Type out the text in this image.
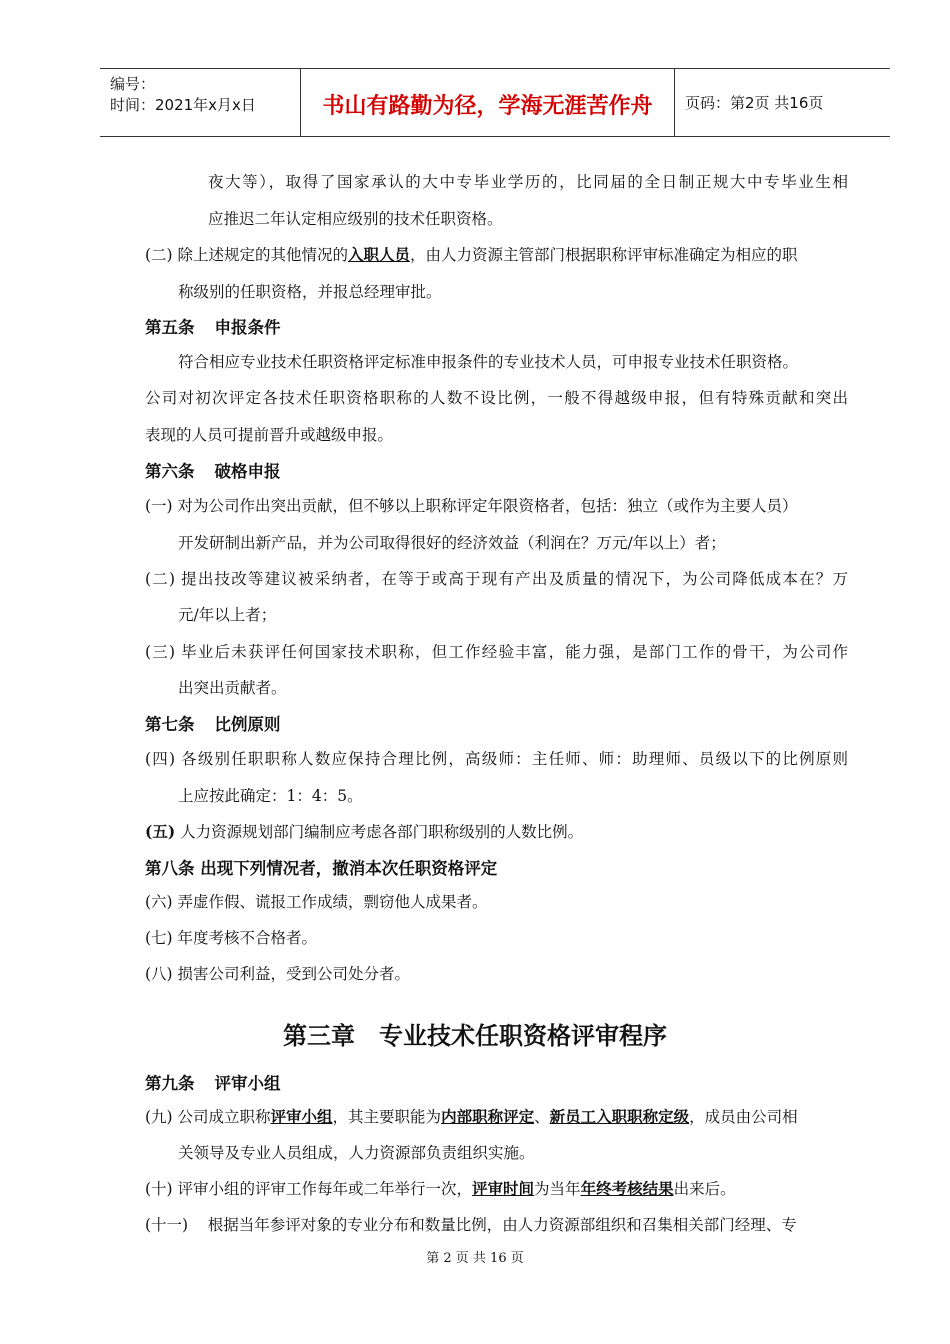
编号：
时间：2021年x月x日	书山有路勤为径，学海无涯苦作舟	页码：第2页 共16页
夜大等），取得了国家承认的大中专毕业学历的，比同届的全日制正规大中专毕业生相
应推迟二年认定相应级别的技术任职资格。
(二) 除上述规定的其他情况的入职人员，由人力资源主管部门根据职称评审标准确定为相应的职
称级别的任职资格，并报总经理审批。
第五条 申报条件
符合相应专业技术任职资格评定标准申报条件的专业技术人员，可申报专业技术任职资格。
公司对初次评定各技术任职资格职称的人数不设比例，一般不得越级申报，但有特殊贡献和突出
表现的人员可提前晋升或越级申报。
第六条 破格申报
(一) 对为公司作出突出贡献，但不够以上职称评定年限资格者，包括：独立（或作为主要人员）
开发研制出新产品，并为公司取得很好的经济效益（利润在？万元/年以上）者；
(二) 提出技改等建议被采纳者，在等于或高于现有产出及质量的情况下，为公司降低成本在？万
元/年以上者；
(三) 毕业后未获评任何国家技术职称，但工作经验丰富，能力强，是部门工作的骨干，为公司作
出突出贡献者。
第七条 比例原则
(四) 各级别任职职称人数应保持合理比例，高级师：主任师、师：助理师、员级以下的比例原则
上应按此确定：1：4：5。
(五) 人力资源规划部门编制应考虑各部门职称级别的人数比例。
第八条 出现下列情况者，撤消本次任职资格评定
(六) 弄虚作假、谎报工作成绩，剽窃他人成果者。
(七) 年度考核不合格者。
(八) 损害公司利益，受到公司处分者。
第三章　专业技术任职资格评审程序
第九条 评审小组
(九) 公司成立职称评审小组，其主要职能为内部职称评定、新员工入职职称定级，成员由公司相
关领导及专业人员组成，人力资源部负责组织实施。
(十) 评审小组的评审工作每年或二年举行一次，评审时间为当年年终考核结果出来后。
(十一)    根据当年参评对象的专业分布和数量比例，由人力资源部组织和召集相关部门经理、专
第 2 页 共 16 页
